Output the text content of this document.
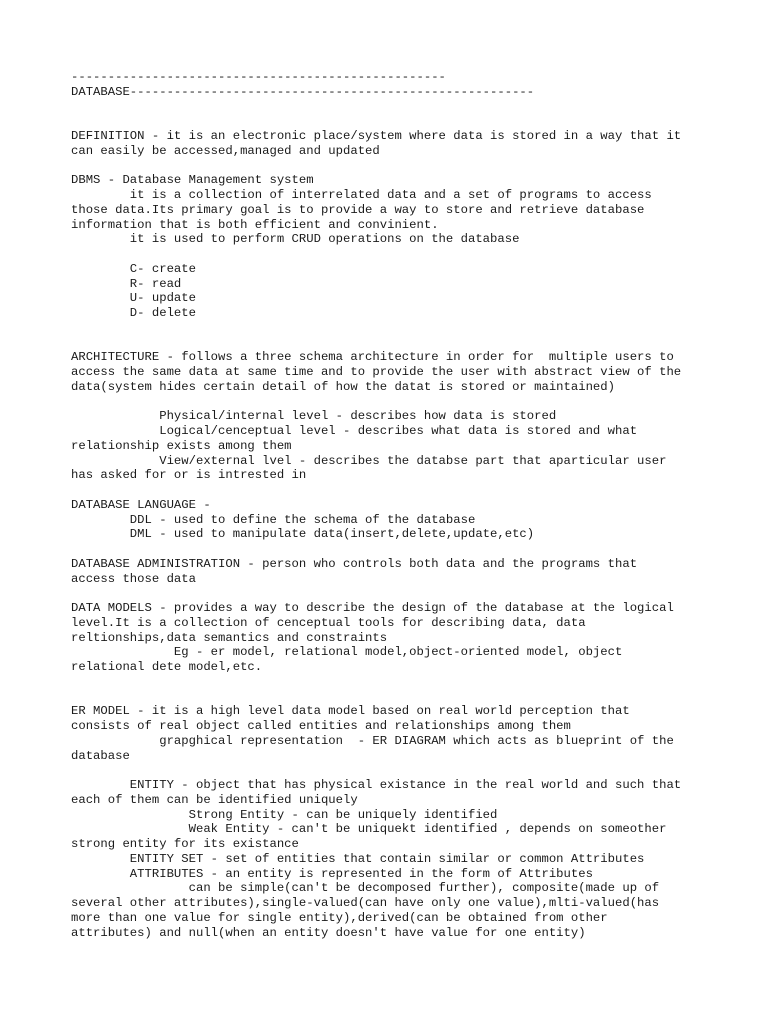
---------------------------------------------------
DATABASE-------------------------------------------------------
DEFINITION - it is an electronic place/system where data is stored in a way that it
can easily be accessed,managed and updated
DBMS - Database Management system
it is a collection of interrelated data and a set of programs to access
those data.Its primary goal is to provide a way to store and retrieve database
information that is both efficient and convinient.
it is used to perform CRUD operations on the database
C- create
R- read
U- update
D- delete
ARCHITECTURE - follows a three schema architecture in order for  multiple users to
access the same data at same time and to provide the user with abstract view of the
data(system hides certain detail of how the datat is stored or maintained)
Physical/internal level - describes how data is stored
Logical/cenceptual level - describes what data is stored and what
relationship exists among them
View/external lvel - describes the databse part that aparticular user
has asked for or is intrested in
DATABASE LANGUAGE -
DDL - used to define the schema of the database
DML - used to manipulate data(insert,delete,update,etc)
DATABASE ADMINISTRATION - person who controls both data and the programs that
access those data
DATA MODELS - provides a way to describe the design of the database at the logical
level.It is a collection of cenceptual tools for describing data, data
reltionships,data semantics and constraints
Eg - er model, relational model,object-oriented model, object
relational dete model,etc.
ER MODEL - it is a high level data model based on real world perception that
consists of real object called entities and relationships among them
grapghical representation  - ER DIAGRAM which acts as blueprint of the
database
ENTITY - object that has physical existance in the real world and such that
each of them can be identified uniquely
Strong Entity - can be uniquely identified
Weak Entity - can't be uniquekt identified , depends on someother
strong entity for its existance
ENTITY SET - set of entities that contain similar or common Attributes
ATTRIBUTES - an entity is represented in the form of Attributes
can be simple(can't be decomposed further), composite(made up of
several other attributes),single-valued(can have only one value),mlti-valued(has
more than one value for single entity),derived(can be obtained from other
attributes) and null(when an entity doesn't have value for one entity)
